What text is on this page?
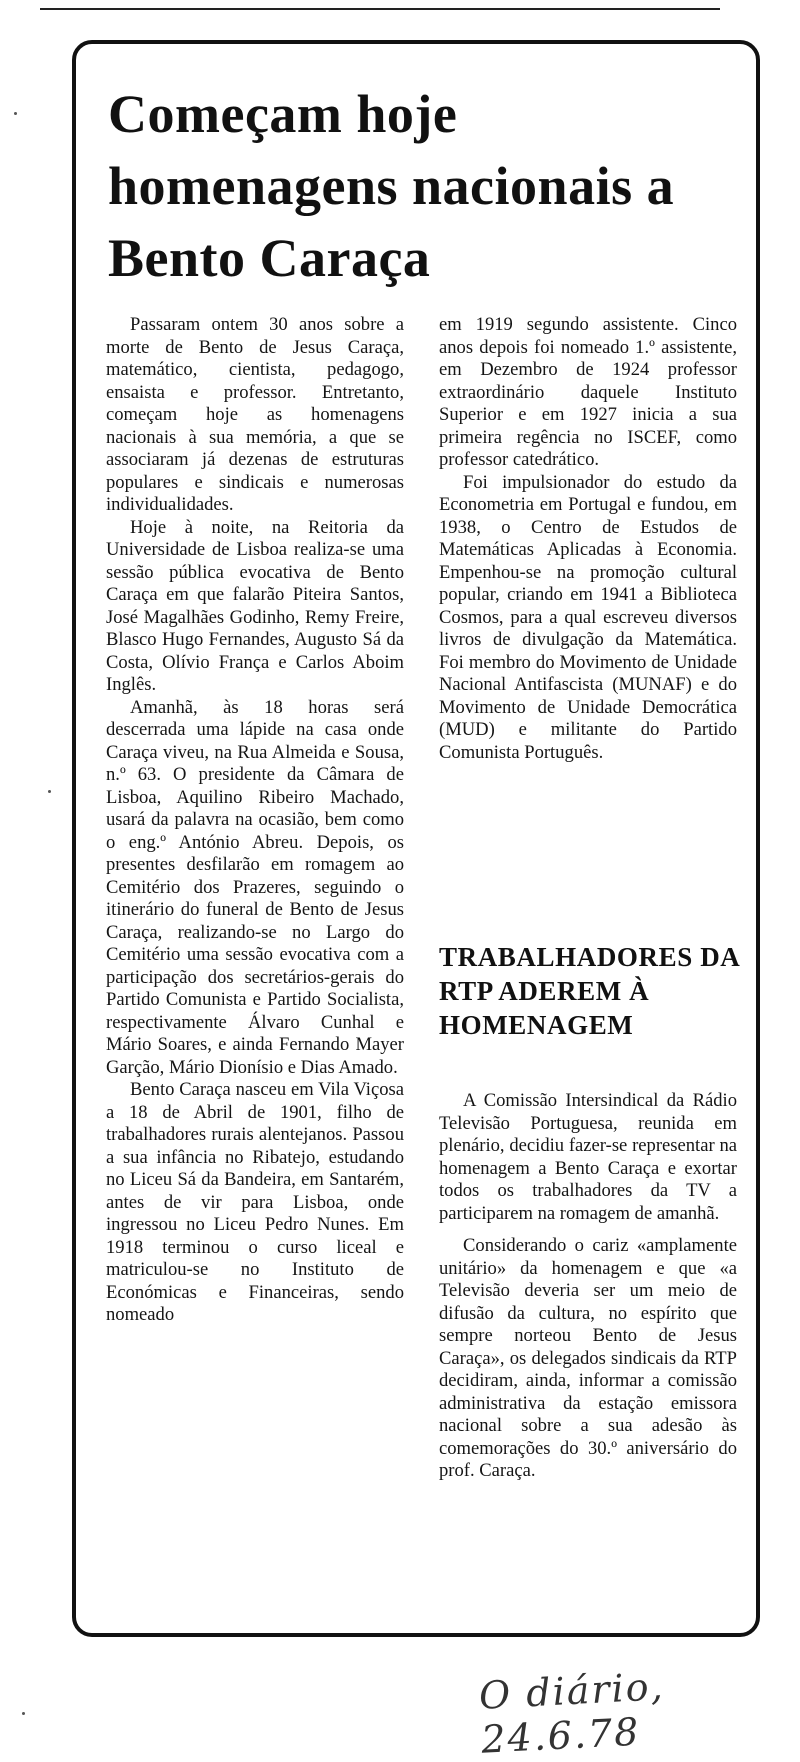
Começam hoje homenagens nacionais a Bento Caraça

Passaram ontem 30 anos sobre a morte de Bento de Jesus Caraça, matemático, cientista, pedagogo, ensaista e professor. Entretanto, começam hoje as homenagens nacionais à sua memória, a que se associaram já dezenas de estruturas populares e sindicais e numerosas individualidades.

Hoje à noite, na Reitoria da Universidade de Lisboa realiza-se uma sessão pública evocativa de Bento Caraça em que falarão Piteira Santos, José Magalhães Godinho, Remy Freire, Blasco Hugo Fernandes, Augusto Sá da Costa, Olívio França e Carlos Aboim Inglês.

Amanhã, às 18 horas será descerrada uma lápide na casa onde Caraça viveu, na Rua Almeida e Sousa, n.º 63. O presidente da Câmara de Lisboa, Aquilino Ribeiro Machado, usará da palavra na ocasião, bem como o eng.º António Abreu. Depois, os presentes desfilarão em romagem ao Cemitério dos Prazeres, seguindo o itinerário do funeral de Bento de Jesus Caraça, realizando-se no Largo do Cemitério uma sessão evocativa com a participação dos secretários-gerais do Partido Comunista e Partido Socialista, respectivamente Álvaro Cunhal e Mário Soares, e ainda Fernando Mayer Garção, Mário Dionísio e Dias Amado.

Bento Caraça nasceu em Vila Viçosa a 18 de Abril de 1901, filho de trabalhadores rurais alentejanos. Passou a sua infância no Ribatejo, estudando no Liceu Sá da Bandeira, em Santarém, antes de vir para Lisboa, onde ingressou no Liceu Pedro Nunes. Em 1918 terminou o curso liceal e matriculou-se no Instituto de Económicas e Financeiras, sendo nomeado

em 1919 segundo assistente. Cinco anos depois foi nomeado 1.º assistente, em Dezembro de 1924 professor extraordinário daquele Instituto Superior e em 1927 inicia a sua primeira regência no ISCEF, como professor catedrático.

Foi impulsionador do estudo da Econometria em Portugal e fundou, em 1938, o Centro de Estudos de Matemáticas Aplicadas à Economia. Empenhou-se na promoção cultural popular, criando em 1941 a Biblioteca Cosmos, para a qual escreveu diversos livros de divulgação da Matemática. Foi membro do Movimento de Unidade Nacional Antifascista (MUNAF) e do Movimento de Unidade Democrática (MUD) e militante do Partido Comunista Português.

TRABALHADORES DA RTP ADEREM À HOMENAGEM

A Comissão Intersindical da Rádio Televisão Portuguesa, reunida em plenário, decidiu fazer-se representar na homenagem a Bento Caraça e exortar todos os trabalhadores da TV a participarem na romagem de amanhã.

Considerando o cariz «amplamente unitário» da homenagem e que «a Televisão deveria ser um meio de difusão da cultura, no espírito que sempre norteou Bento de Jesus Caraça», os delegados sindicais da RTP decidiram, ainda, informar a comissão administrativa da estação emissora nacional sobre a sua adesão às comemorações do 30.º aniversário do prof. Caraça.

O diário, 24.6.78
